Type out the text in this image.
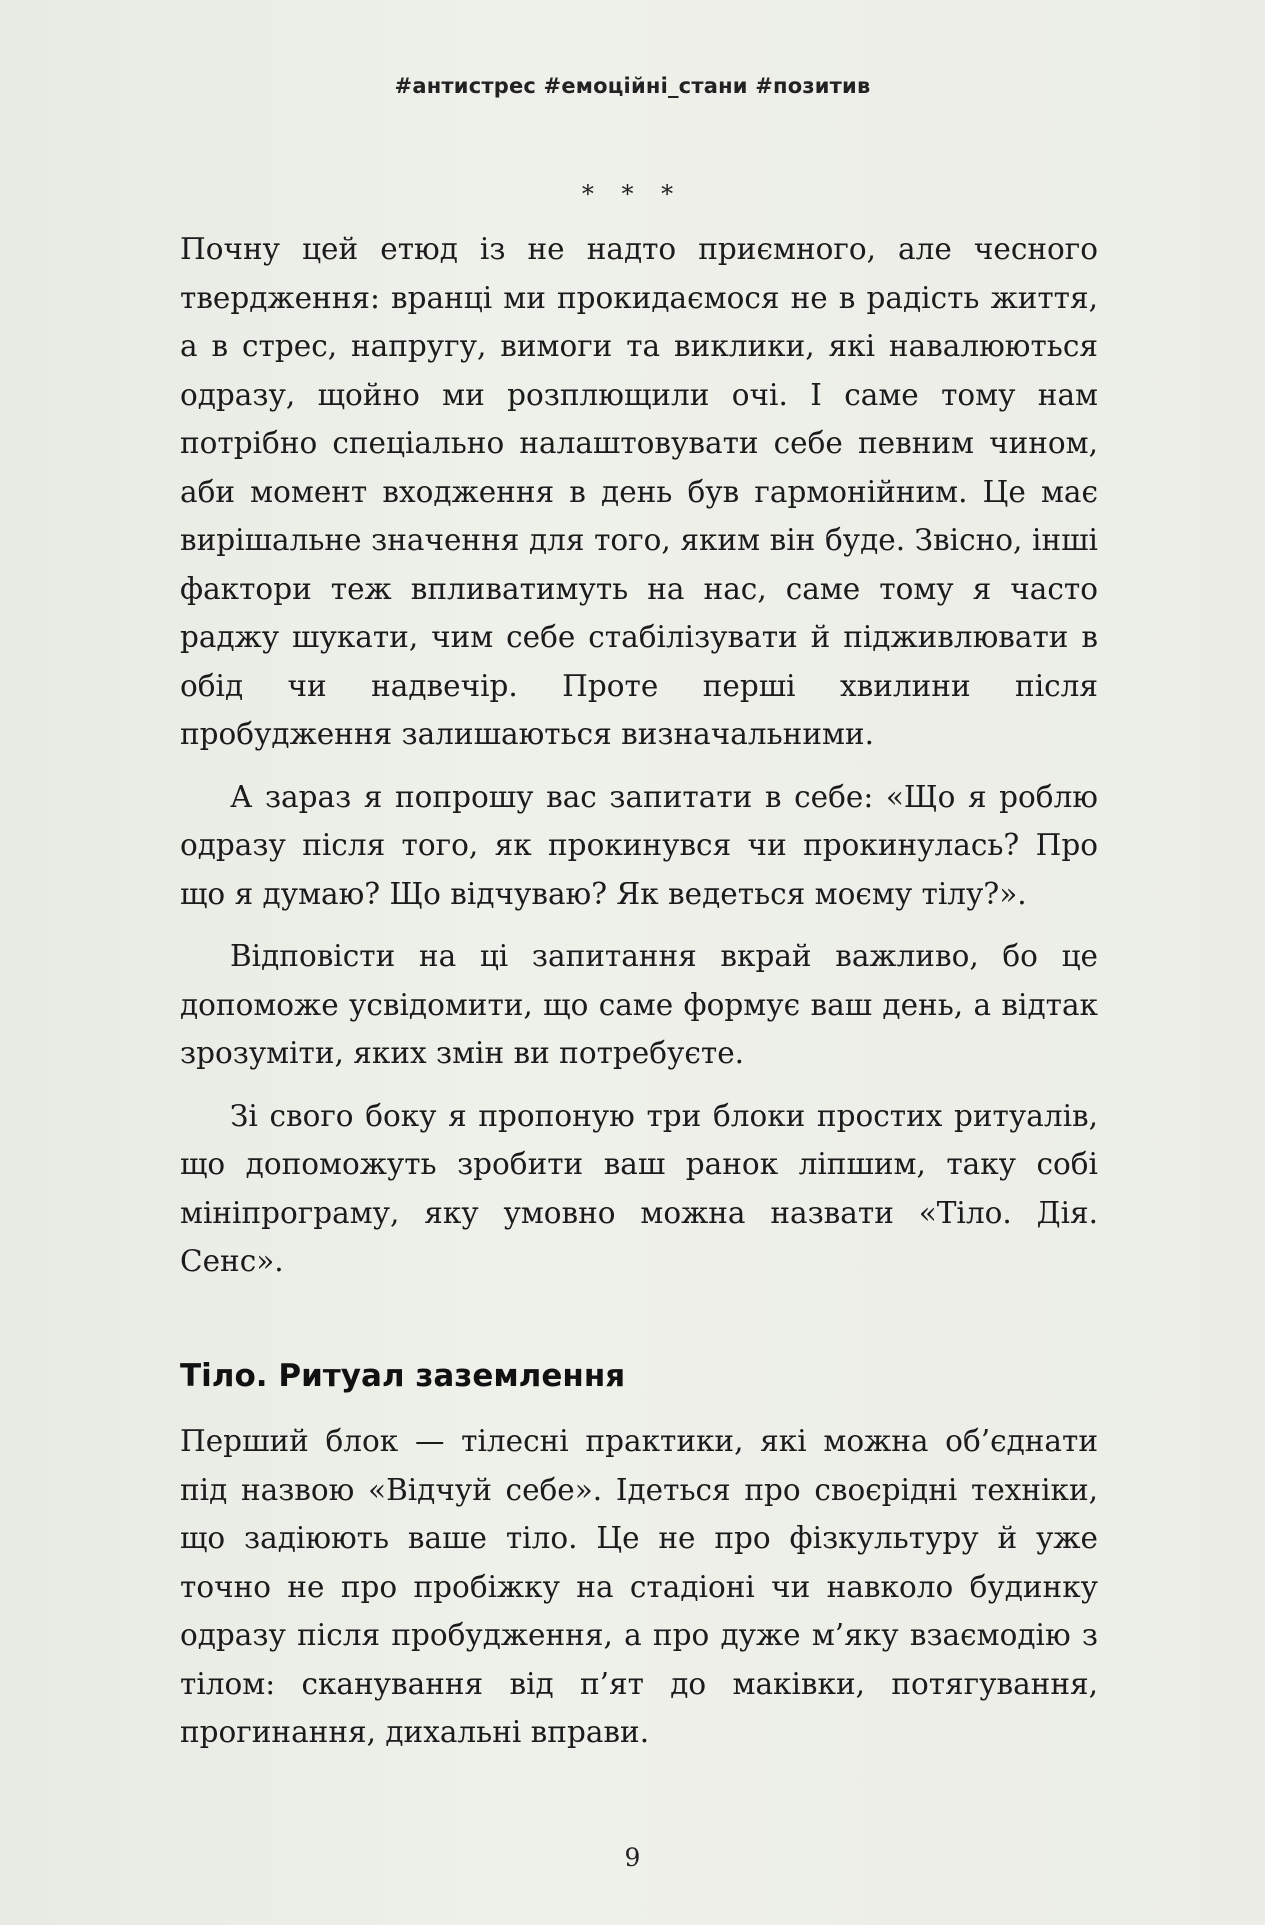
#антистрес #емоційні_стани #позитив
* * *

Почну цей етюд із не надто приємного, але чесного твердження: вранці ми прокидаємося не в радість життя, а в стрес, напругу, вимоги та виклики, які навалюються одразу, щойно ми розплющили очі. І саме тому нам потрібно спеціально налаштовувати себе певним чином, аби момент входження в день був гармонійним. Це має вирішальне значення для того, яким він буде. Звісно, інші фактори теж впливатимуть на нас, саме тому я часто раджу шукати, чим себе стабілізувати й підживлювати в обід чи надвечір. Проте перші хвилини після пробудження залишаються визначальними.

А зараз я попрошу вас запитати в себе: «Що я роблю одразу після того, як прокинувся чи прокинулась? Про що я думаю? Що відчуваю? Як ведеться моєму тілу?».

Відповісти на ці запитання вкрай важливо, бо це допоможе усвідомити, що саме формує ваш день, а відтак зрозуміти, яких змін ви потребуєте.

Зі свого боку я пропоную три блоки простих ритуалів, що допоможуть зробити ваш ранок ліпшим, таку собі мініпрограму, яку умовно можна назвати «Тіло. Дія. Сенс».

Тіло. Ритуал заземлення

Перший блок — тілесні практики, які можна об’єднати під назвою «Відчуй себе». Ідеться про своєрідні техніки, що задіюють ваше тіло. Це не про фізкультуру й уже точно не про пробіжку на стадіоні чи навколо будинку одразу після пробудження, а про дуже м’яку взаємодію з тілом: сканування від п’ят до маківки, потягування, прогинання, дихальні вправи.

9
